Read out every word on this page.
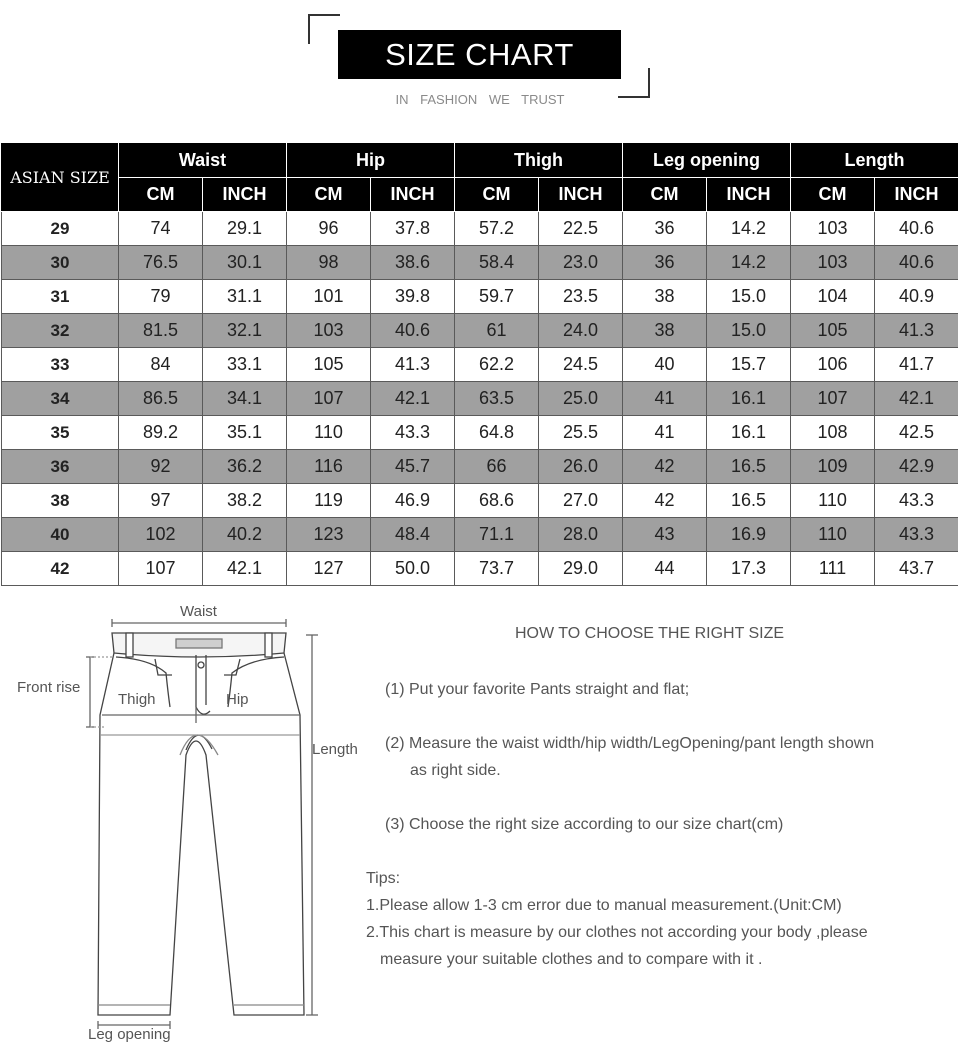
SIZE CHART
IN FASHION WE TRUST
ASIAN SIZE	Waist		Hip		Thigh		Leg opening		Length	
	CM	INCH	CM	INCH	CM	INCH	CM	INCH	CM	INCH
29	74	29.1	96	37.8	57.2	22.5	36	14.2	103	40.6
30	76.5	30.1	98	38.6	58.4	23.0	36	14.2	103	40.6
31	79	31.1	101	39.8	59.7	23.5	38	15.0	104	40.9
32	81.5	32.1	103	40.6	61	24.0	38	15.0	105	41.3
33	84	33.1	105	41.3	62.2	24.5	40	15.7	106	41.7
34	86.5	34.1	107	42.1	63.5	25.0	41	16.1	107	42.1
35	89.2	35.1	110	43.3	64.8	25.5	41	16.1	108	42.5
36	92	36.2	116	45.7	66	26.0	42	16.5	109	42.9
38	97	38.2	119	46.9	68.6	27.0	42	16.5	110	43.3
40	102	40.2	123	48.4	71.1	28.0	43	16.9	110	43.3
42	107	42.1	127	50.0	73.7	29.0	44	17.3	111	43.7
Waist
Front rise
Thigh	Hip
Length
Leg opening
HOW TO CHOOSE THE RIGHT SIZE
(1) Put your favorite Pants straight and flat;
(2) Measure the waist width/hip width/LegOpening/pant length shown
as right side.
(3) Choose the right size according to our size chart(cm)
Tips:
1.Please allow 1-3 cm error due to manual measurement.(Unit:CM)
2.This chart is measure by our clothes not according your body ,please
measure your suitable clothes and to compare with it .
